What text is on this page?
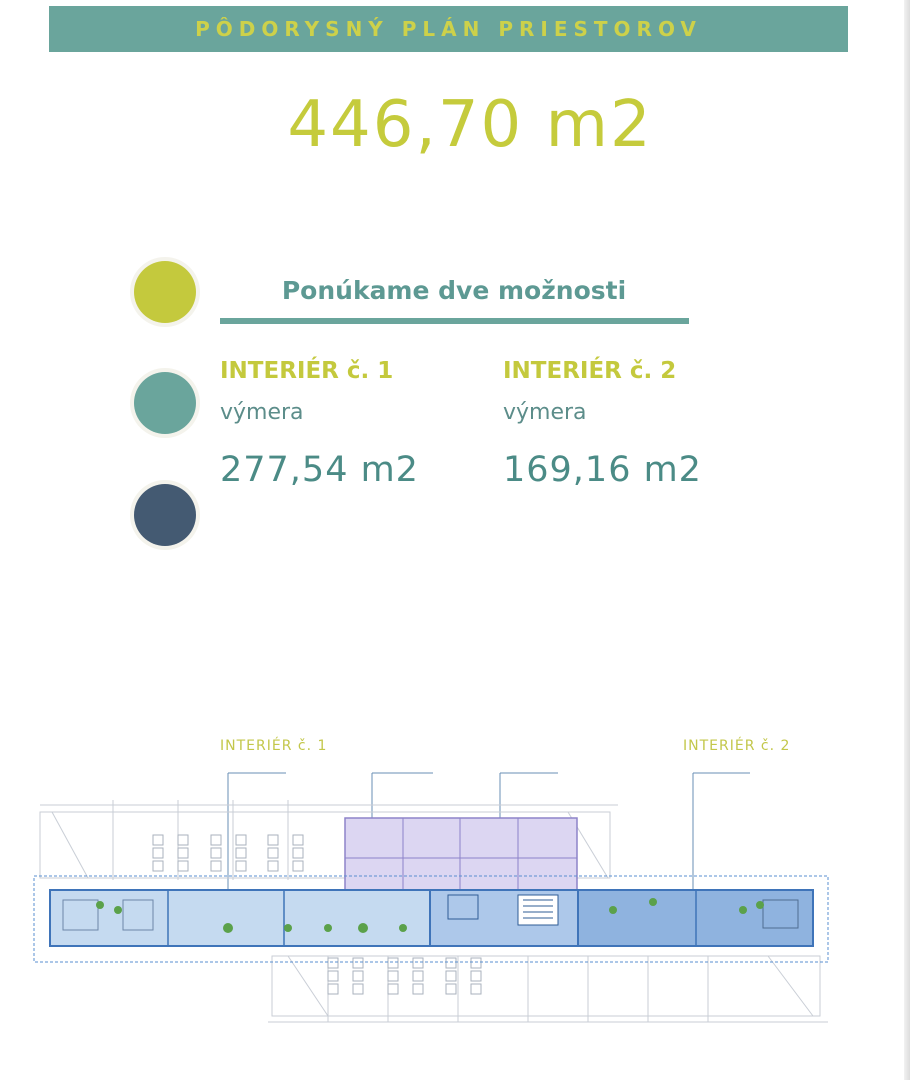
PÔDORYSNÝ PLÁN PRIESTOROV
446,70 m2
Ponúkame dve možnosti
INTERIÉR č. 1
výmera
277,54 m2
INTERIÉR č. 2
výmera
169,16 m2
INTERIÉR č. 1	INTERIÉR č. 2
